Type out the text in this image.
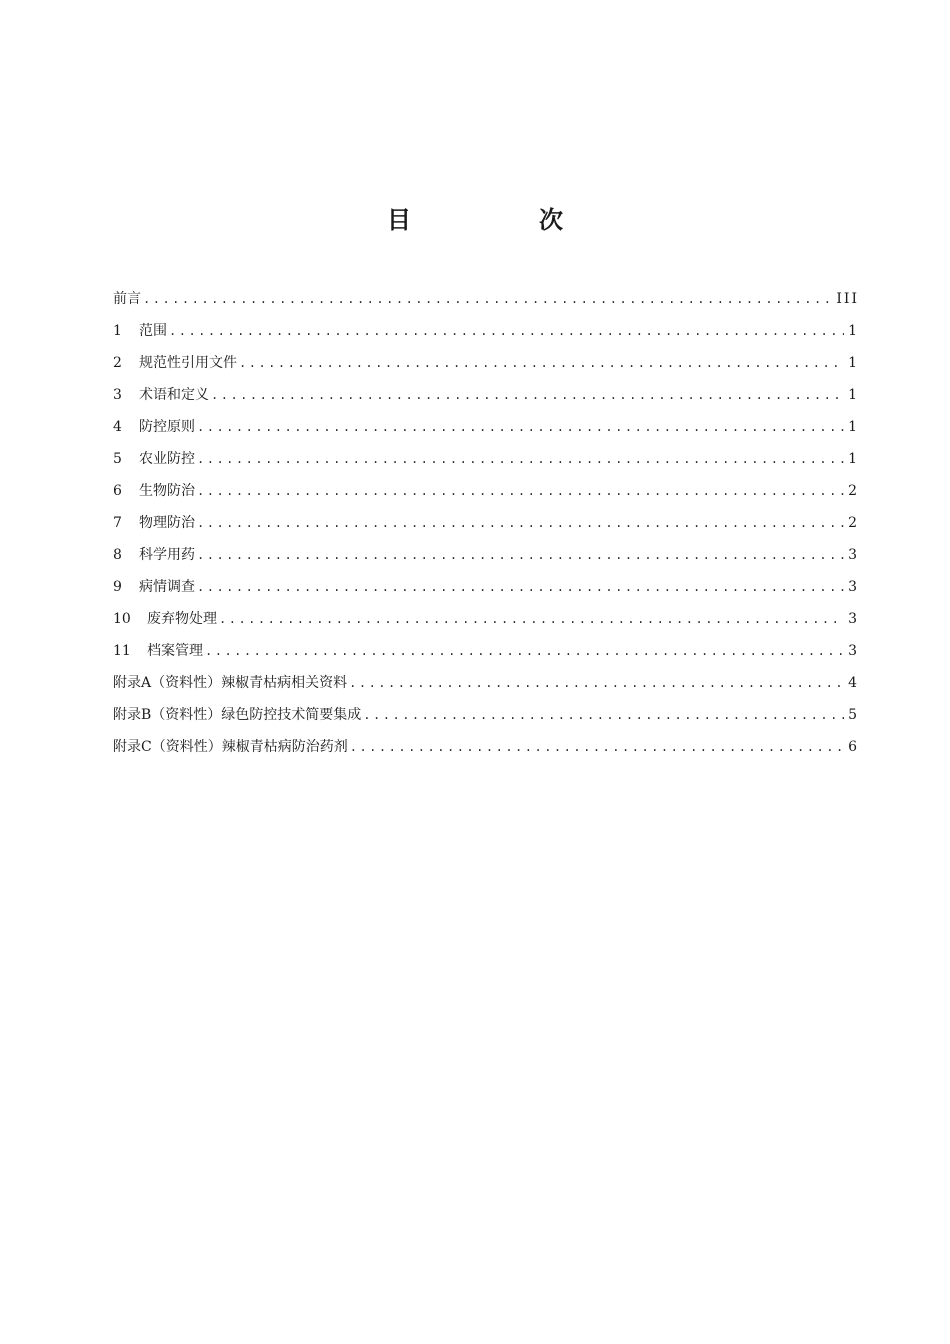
目　次
前言 .....	III
1	范围 .....	1
2	规范性引用文件 .....	1
3	术语和定义 .....	1
4	防控原则 .....	1
5	农业防控 .....	1
6	生物防治 .....	2
7	物理防治 .....	2
8	科学用药 .....	3
9	病情调查 .....	3
10	废弃物处理 .....	3
11	档案管理 .....	3
附录A（资料性） 辣椒青枯病相关资料 .....	4
附录B（资料性） 绿色防控技术简要集成 .....	5
附录C（资料性） 辣椒青枯病防治药剂 .....	6
